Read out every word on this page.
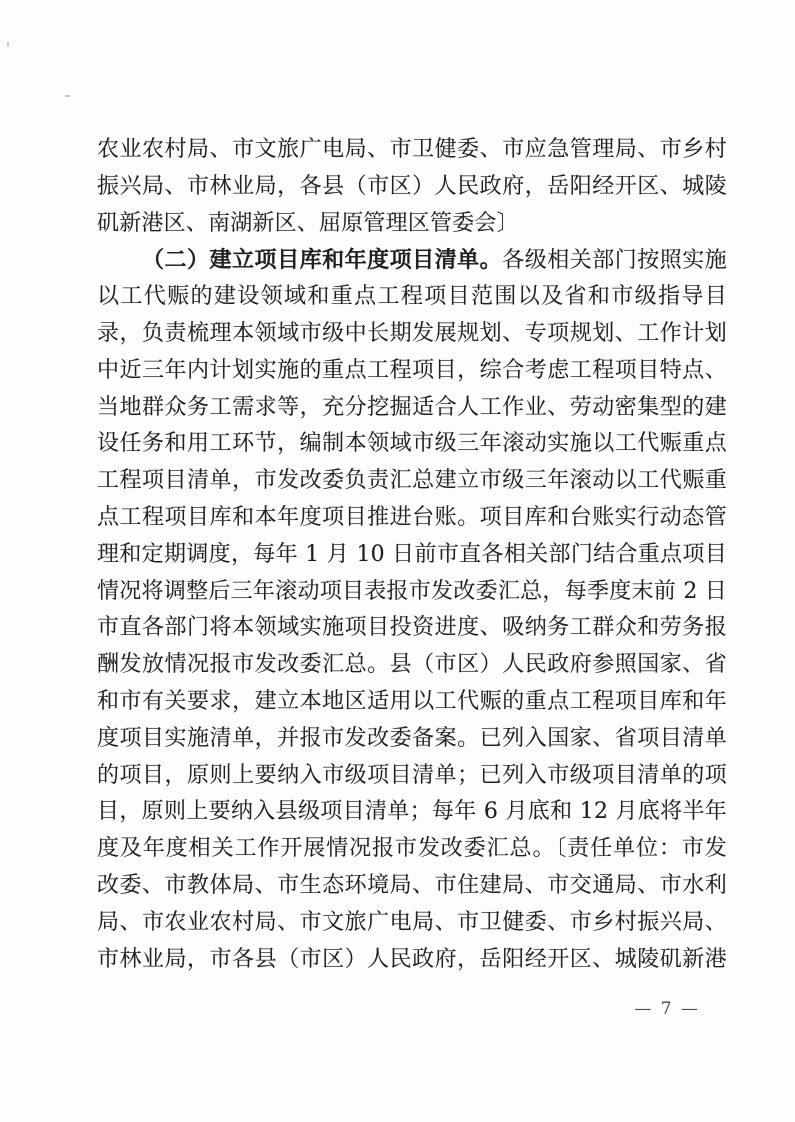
农业农村局、市文旅广电局、市卫健委、市应急管理局、市乡村
振兴局、市林业局，各县（市区）人民政府，岳阳经开区、城陵
矶新港区、南湖新区、屈原管理区管委会〕
（二）建立项目库和年度项目清单。各级相关部门按照实施
以工代赈的建设领域和重点工程项目范围以及省和市级指导目
录，负责梳理本领域市级中长期发展规划、专项规划、工作计划
中近三年内计划实施的重点工程项目，综合考虑工程项目特点、
当地群众务工需求等，充分挖掘适合人工作业、劳动密集型的建
设任务和用工环节，编制本领域市级三年滚动实施以工代赈重点
工程项目清单，市发改委负责汇总建立市级三年滚动以工代赈重
点工程项目库和本年度项目推进台账。项目库和台账实行动态管
理和定期调度，每年 1 月 10 日前市直各相关部门结合重点项目
情况将调整后三年滚动项目表报市发改委汇总，每季度末前 2 日
市直各部门将本领域实施项目投资进度、吸纳务工群众和劳务报
酬发放情况报市发改委汇总。县（市区）人民政府参照国家、省
和市有关要求，建立本地区适用以工代赈的重点工程项目库和年
度项目实施清单，并报市发改委备案。已列入国家、省项目清单
的项目，原则上要纳入市级项目清单；已列入市级项目清单的项
目，原则上要纳入县级项目清单；每年 6 月底和 12 月底将半年
度及年度相关工作开展情况报市发改委汇总。〔责任单位：市发
改委、市教体局、市生态环境局、市住建局、市交通局、市水利
局、市农业农村局、市文旅广电局、市卫健委、市乡村振兴局、
市林业局，市各县（市区）人民政府，岳阳经开区、城陵矶新港
— 7 —
